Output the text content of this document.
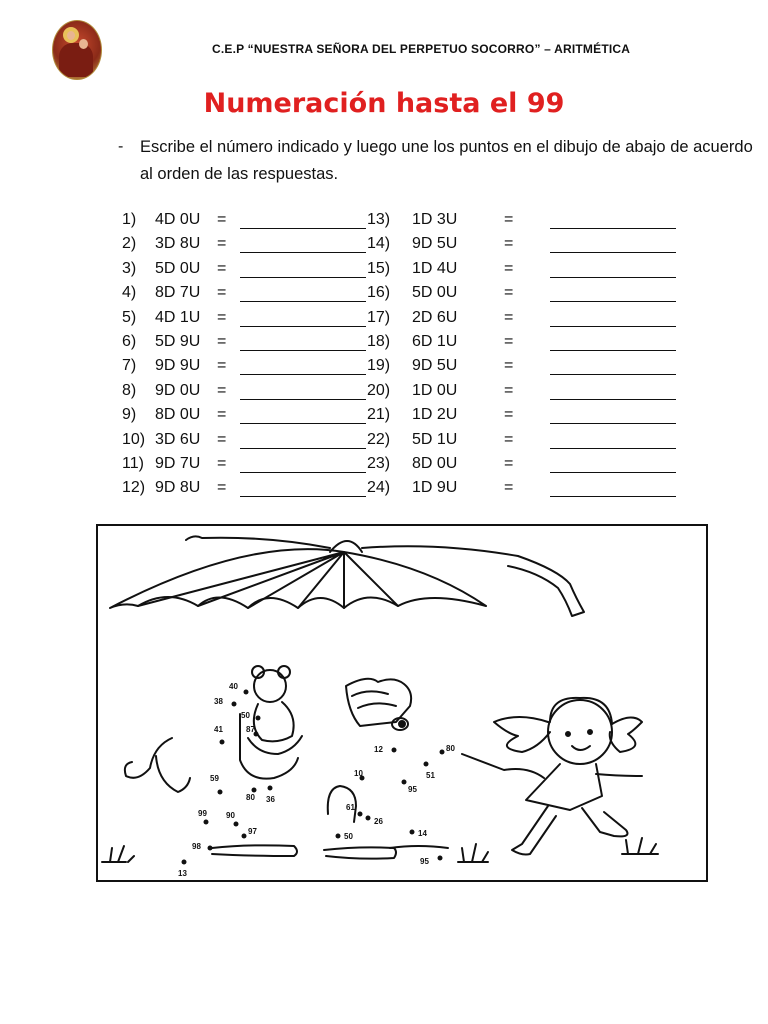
C.E.P “NUESTRA SEÑORA DEL PERPETUO SOCORRO” – ARITMÉTICA
Numeración hasta el 99
- Escribe el número indicado y luego une los puntos en el dibujo de abajo de acuerdo al orden de las respuestas.
1) 4D 0U =
2) 3D 8U =
3) 5D 0U =
4) 8D 7U =
5) 4D 1U =
6) 5D 9U =
7) 9D 9U =
8) 9D 0U =
9) 8D 0U =
10) 3D 6U =
11) 9D 7U =
12) 9D 8U =
13) 1D 3U	=
14) 9D 5U	=
15) 1D 4U	=
16) 5D 0U	=
17) 2D 6U	=
18) 6D 1U	=
19) 9D 5U	=
20) 1D 0U	=
21) 1D 2U	=
22) 5D 1U	=
23) 8D 0U	=
24) 1D 9U	=
40
38
50
87
41
12	80
51
10
95
59
80 36
61
26
99 90
97
50	14
98
95
13
